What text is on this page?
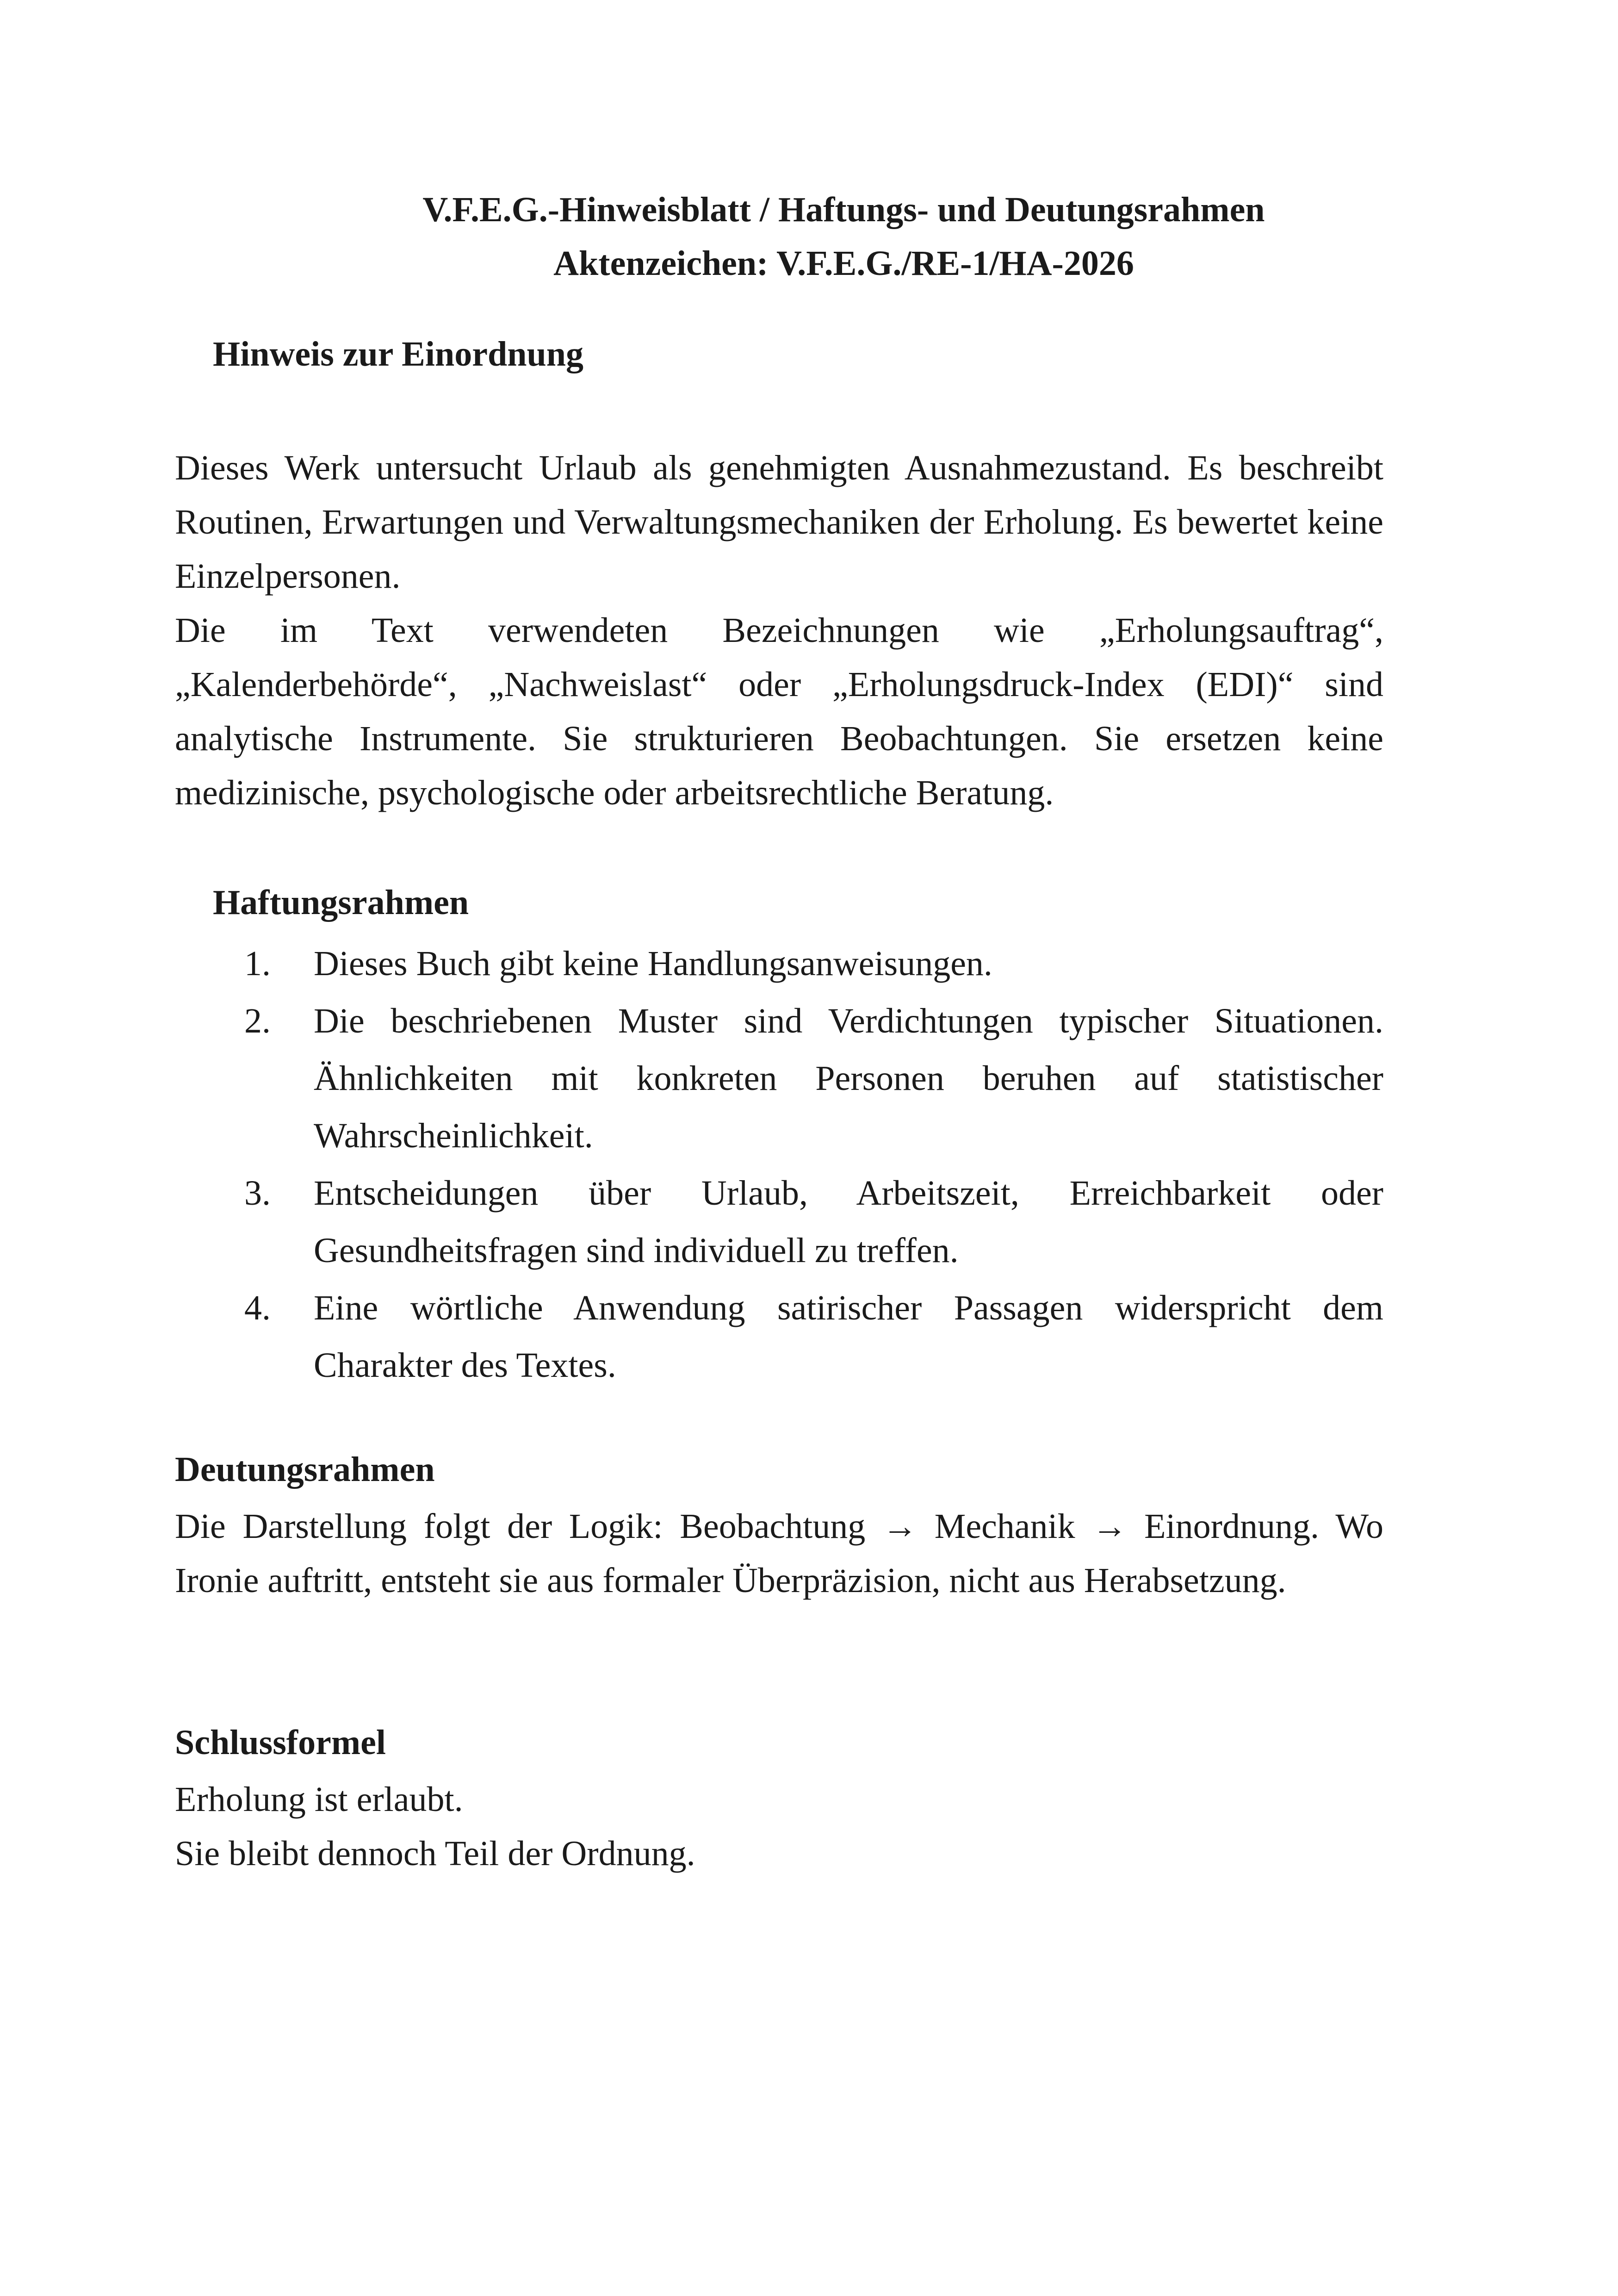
V.F.E.G.-Hinweisblatt / Haftungs- und Deutungsrahmen
Aktenzeichen: V.F.E.G./RE-1/HA-2026
Hinweis zur Einordnung

Dieses Werk untersucht Urlaub als genehmigten Ausnahmezustand. Es beschreibt Routinen, Erwartungen und Verwaltungsmechaniken der Erholung. Es bewertet keine Einzelpersonen.

Die im Text verwendeten Bezeichnungen wie „Erholungsauftrag“, „Kalenderbehörde“, „Nachweislast“ oder „Erholungsdruck-Index (EDI)“ sind analytische Instrumente. Sie strukturieren Beobachtungen. Sie ersetzen keine medizinische, psychologische oder arbeitsrechtliche Beratung.

Haftungsrahmen
1.	Dieses Buch gibt keine Handlungsanweisungen.
2.	Die beschriebenen Muster sind Verdichtungen typischer Situationen. Ähnlichkeiten mit konkreten Personen beruhen auf statistischer Wahrscheinlichkeit.
3.	Entscheidungen über Urlaub, Arbeitszeit, Erreichbarkeit oder Gesundheitsfragen sind individuell zu treffen.
4.	Eine wörtliche Anwendung satirischer Passagen widerspricht dem Charakter des Textes.
Deutungsrahmen

Die Darstellung folgt der Logik: Beobachtung → Mechanik → Einordnung. Wo Ironie auftritt, entsteht sie aus formaler Überpräzision, nicht aus Herabsetzung.

Schlussformel

Erholung ist erlaubt.

Sie bleibt dennoch Teil der Ordnung.
